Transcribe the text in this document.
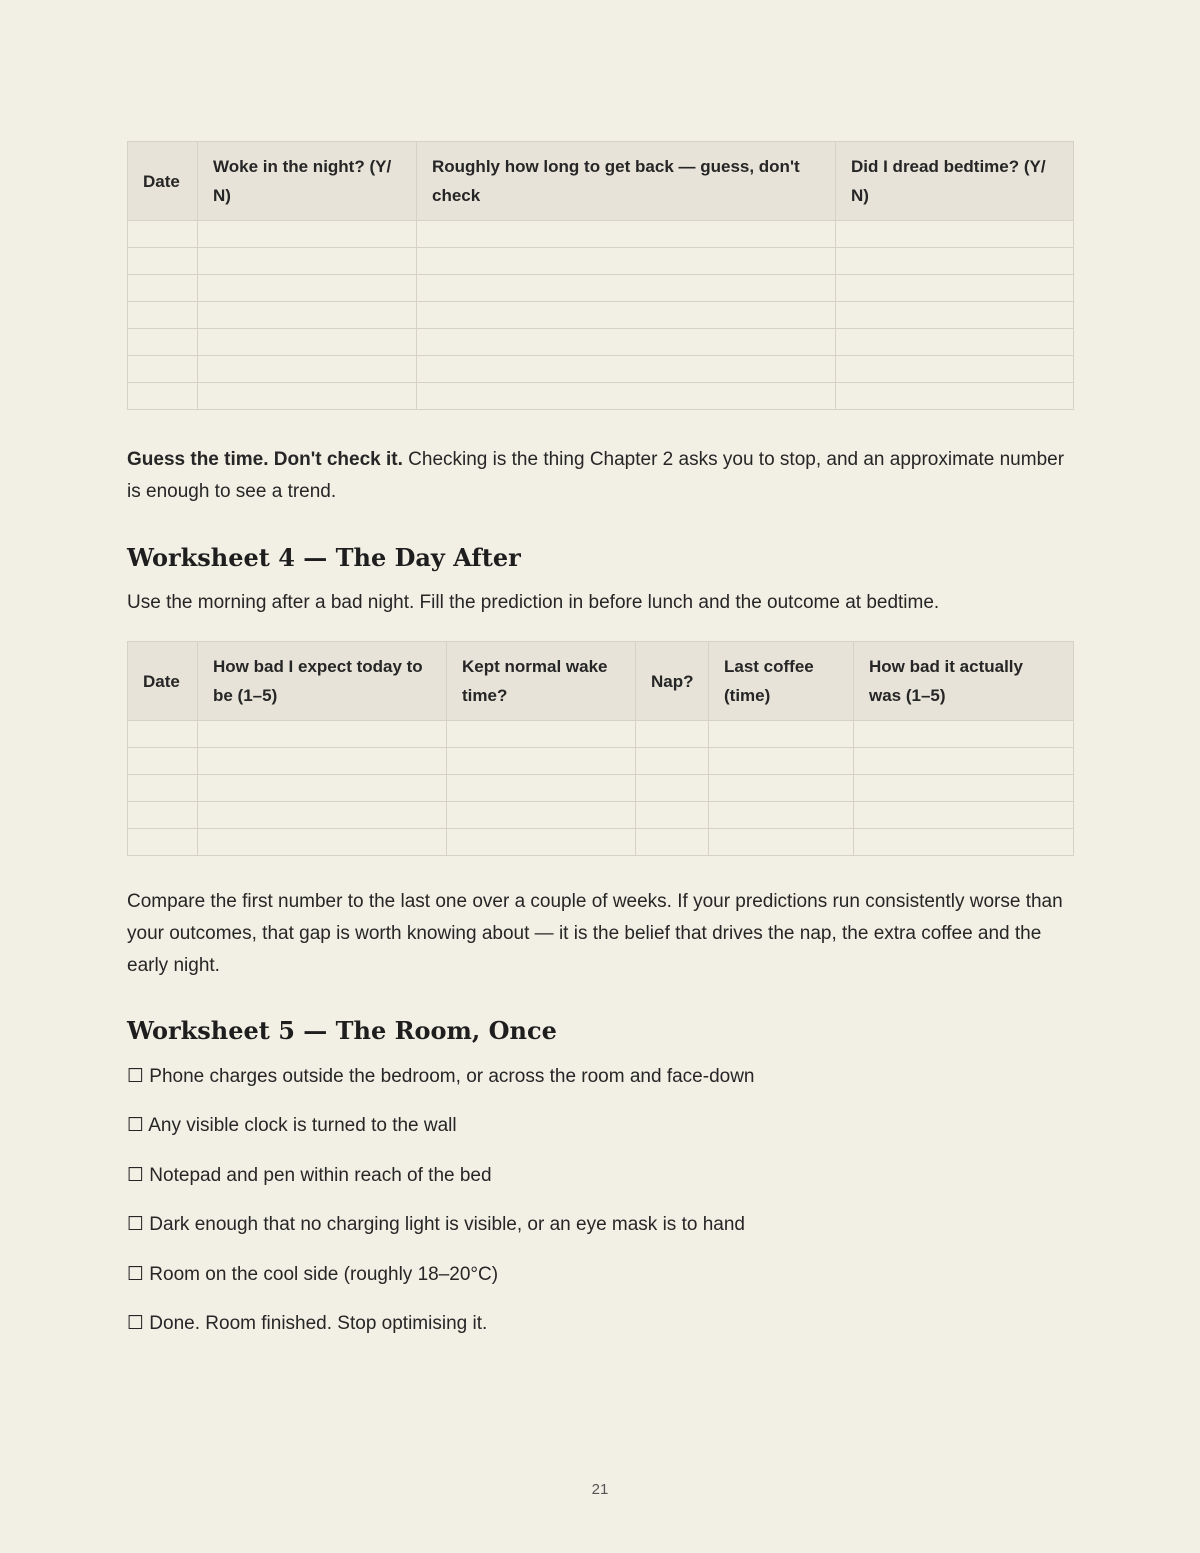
Date	Woke in the night? (Y/ N)	Roughly how long to get back — guess, don't check	Did I dread bedtime? (Y/ N)

Guess the time. Don't check it. Checking is the thing Chapter 2 asks you to stop, and an approximate number is enough to see a trend.

Worksheet 4 — The Day After

Use the morning after a bad night. Fill the prediction in before lunch and the outcome at bedtime.

Date	How bad I expect today to be (1–5)	Kept normal wake time?	Nap?	Last coffee (time)	How bad it actually was (1–5)

Compare the first number to the last one over a couple of weeks. If your predictions run consistently worse than your outcomes, that gap is worth knowing about — it is the belief that drives the nap, the extra coffee and the early night.

Worksheet 5 — The Room, Once
☐ Phone charges outside the bedroom, or across the room and face-down
☐ Any visible clock is turned to the wall
☐ Notepad and pen within reach of the bed
☐ Dark enough that no charging light is visible, or an eye mask is to hand
☐ Room on the cool side (roughly 18–20°C)
☐ Done. Room finished. Stop optimising it.
21
